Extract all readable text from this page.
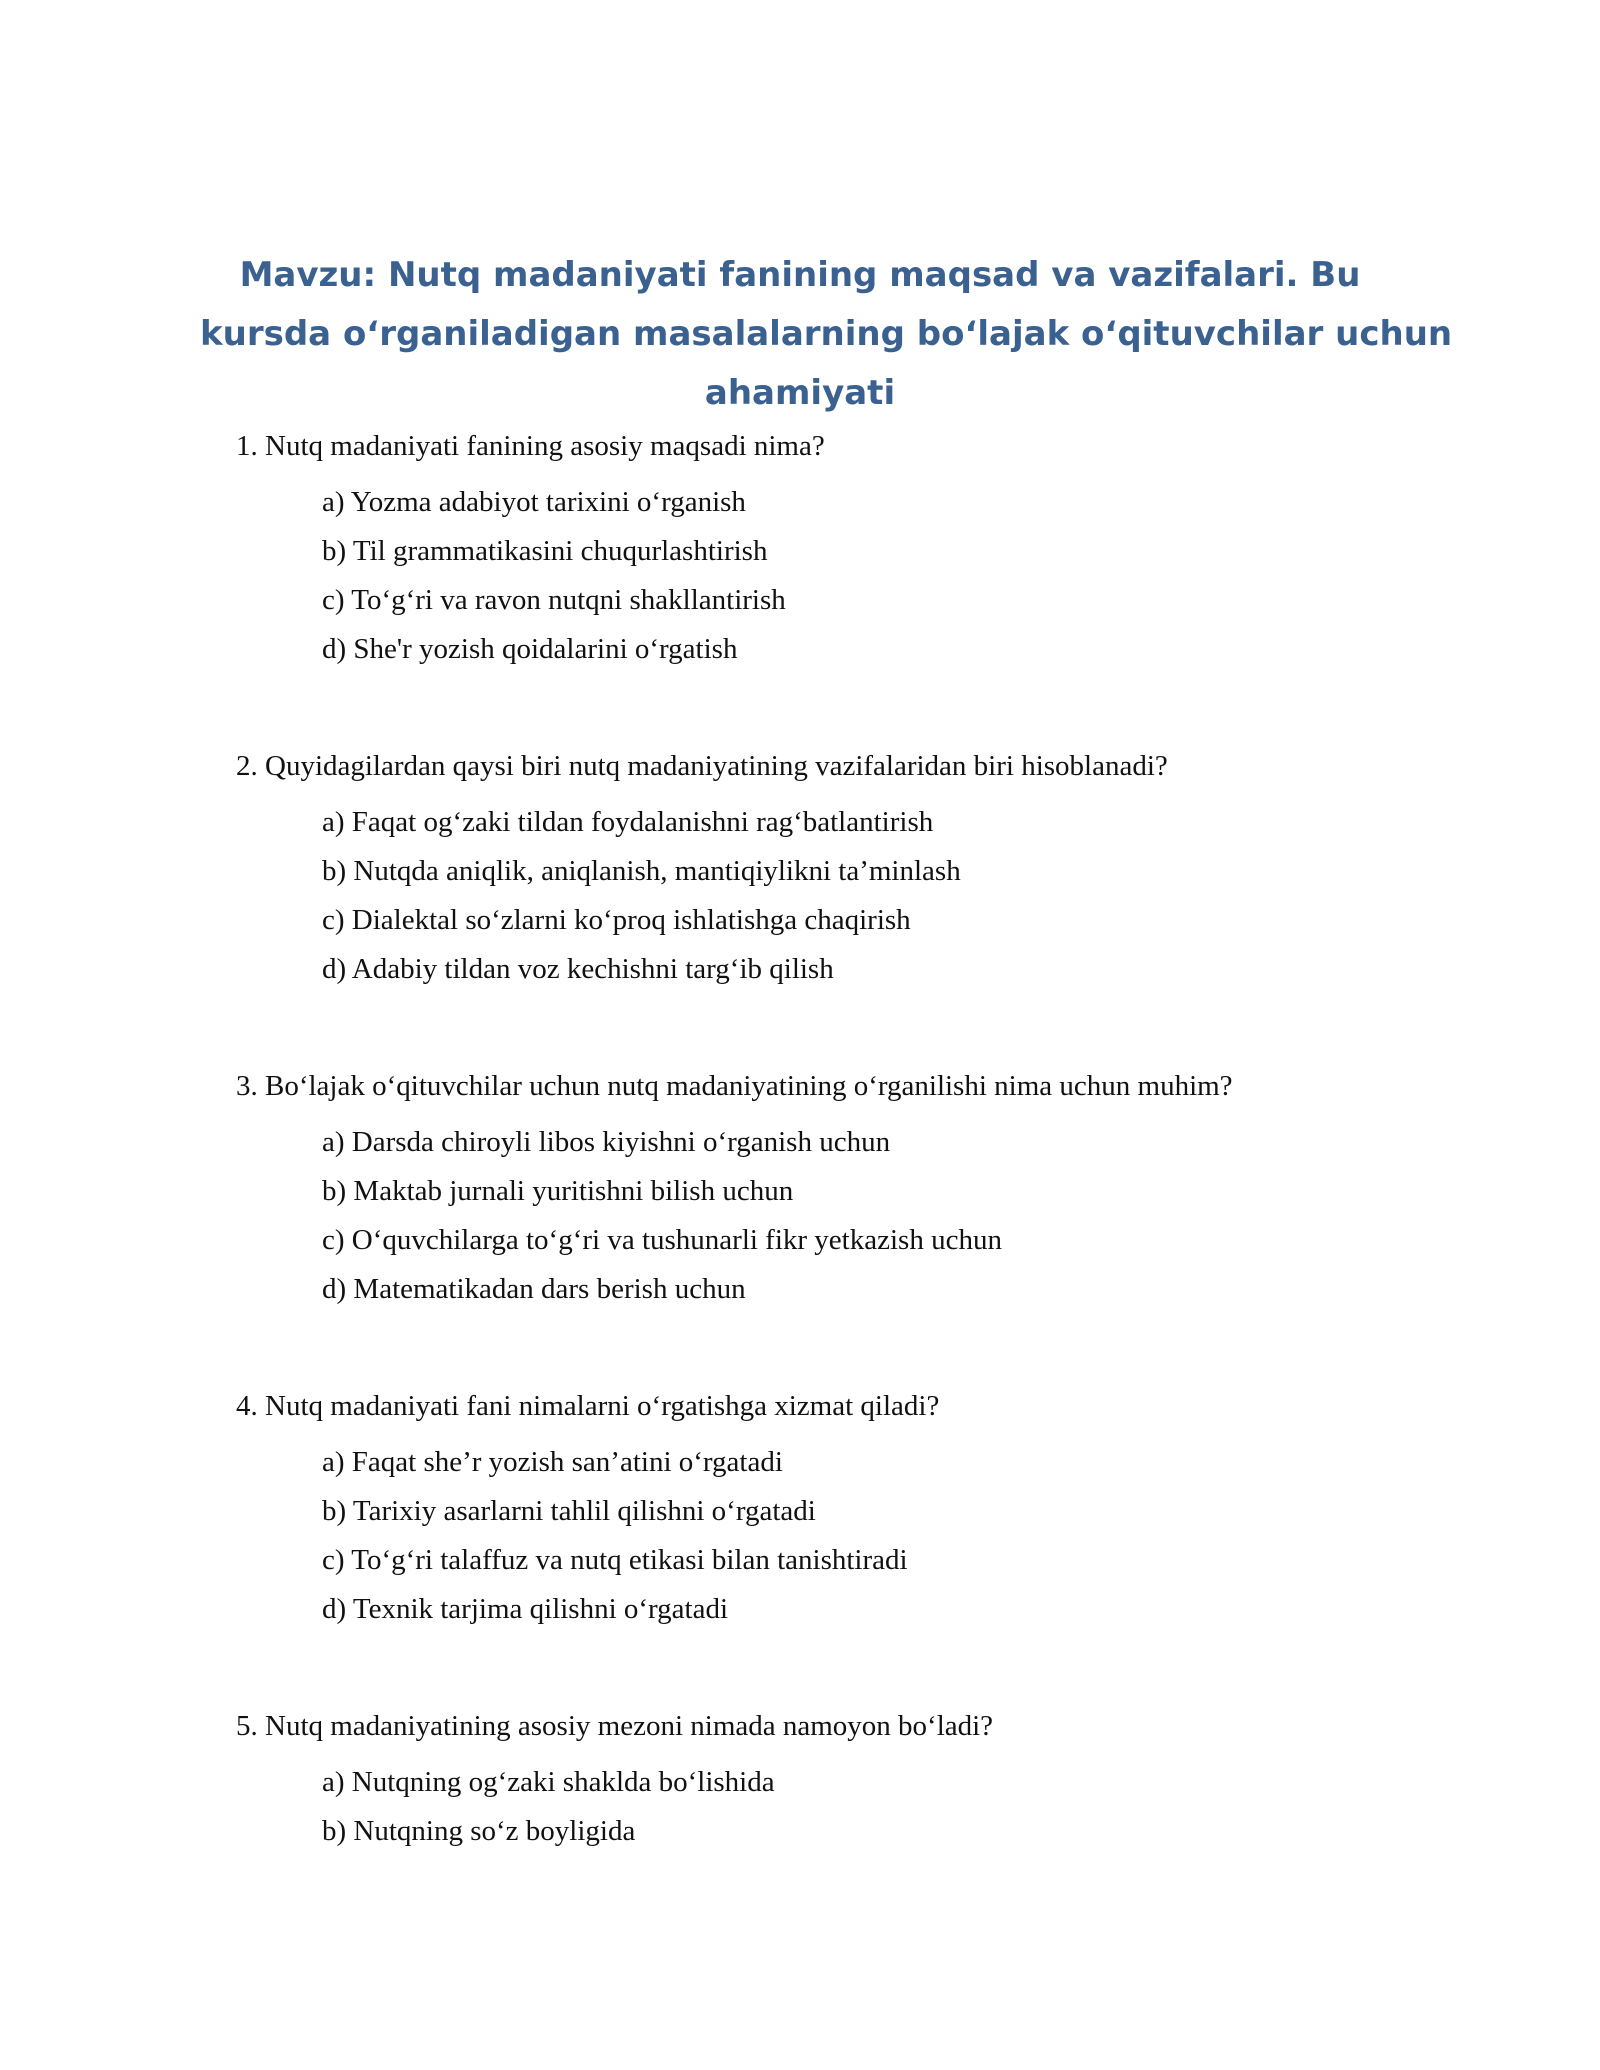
Mavzu: Nutq madaniyati fanining maqsad va vazifalari. Bu
kursda o‘rganiladigan masalalarning bo‘lajak o‘qituvchilar uchun
ahamiyati
1. Nutq madaniyati fanining asosiy maqsadi nima?
a) Yozma adabiyot tarixini o‘rganish
b) Til grammatikasini chuqurlashtirish
c) To‘g‘ri va ravon nutqni shakllantirish
d) She'r yozish qoidalarini o‘rgatish
2. Quyidagilardan qaysi biri nutq madaniyatining vazifalaridan biri hisoblanadi?
a) Faqat og‘zaki tildan foydalanishni rag‘batlantirish
b) Nutqda aniqlik, aniqlanish, mantiqiylikni ta’minlash
c) Dialektal so‘zlarni ko‘proq ishlatishga chaqirish
d) Adabiy tildan voz kechishni targ‘ib qilish
3. Bo‘lajak o‘qituvchilar uchun nutq madaniyatining o‘rganilishi nima uchun muhim?
a) Darsda chiroyli libos kiyishni o‘rganish uchun
b) Maktab jurnali yuritishni bilish uchun
c) O‘quvchilarga to‘g‘ri va tushunarli fikr yetkazish uchun
d) Matematikadan dars berish uchun
4. Nutq madaniyati fani nimalarni o‘rgatishga xizmat qiladi?
a) Faqat she’r yozish san’atini o‘rgatadi
b) Tarixiy asarlarni tahlil qilishni o‘rgatadi
c) To‘g‘ri talaffuz va nutq etikasi bilan tanishtiradi
d) Texnik tarjima qilishni o‘rgatadi
5. Nutq madaniyatining asosiy mezoni nimada namoyon bo‘ladi?
a) Nutqning og‘zaki shaklda bo‘lishida
b) Nutqning so‘z boyligida
